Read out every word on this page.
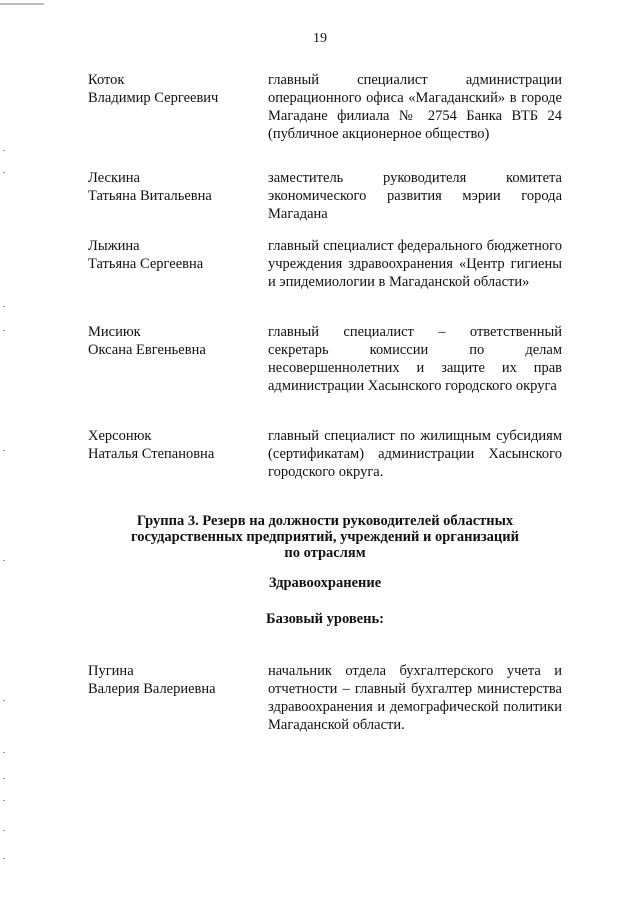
19
Коток
Владимир Сергеевич
главный специалист администрации операционного офиса «Магаданский» в городе Магадане филиала № 2754 Банка ВТБ 24 (публичное акционерное общество)
Лескина
Татьяна Витальевна
заместитель руководителя комитета экономического развития мэрии города Магадана
Лыжина
Татьяна Сергеевна
главный специалист федерального бюджетного учреждения здравоохранения «Центр гигиены и эпидемиологии в Магаданской области»
Мисиюк
Оксана Евгеньевна
главный специалист – ответственный секретарь комиссии по делам несовершеннолетних и защите их прав администрации Хасынского городского округа
Херсонюк
Наталья Степановна
главный специалист по жилищным субсидиям (сертификатам) администрации Хасынского городского округа.
Группа 3. Резерв на должности руководителей областных
государственных предприятий, учреждений и организаций
по отраслям
Здравоохранение
Базовый уровень:
Пугина
Валерия Валериевна
начальник отдела бухгалтерского учета и отчетности – главный бухгалтер министерства здравоохранения и демографической политики Магаданской области.
